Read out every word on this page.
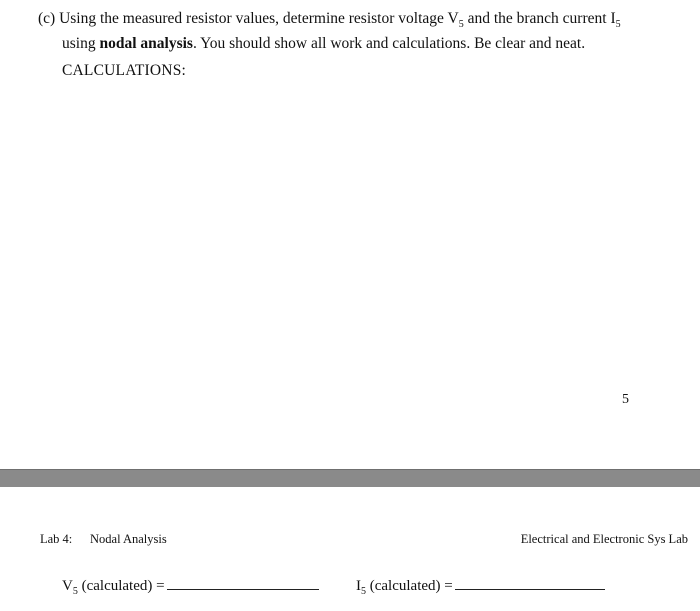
(c) Using the measured resistor values, determine resistor voltage $V_5$ and the branch current $I_5$
using nodal analysis. You should show all work and calculations. Be clear and neat.
CALCULATIONS:
5
Lab 4: Nodal Analysis	Electrical and Electronic Sys Lab
$V_5$ (calculated) =	$I_5$ (calculated) =
